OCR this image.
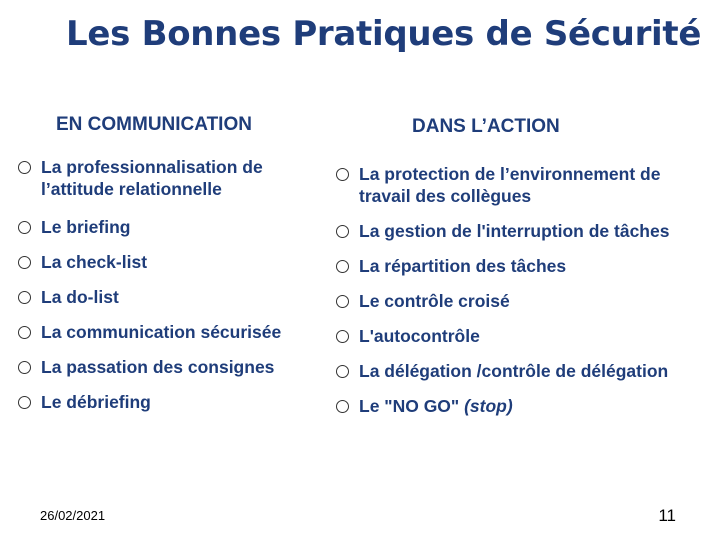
Les Bonnes Pratiques de Sécurité
EN COMMUNICATION	DANS L’ACTION
La professionnalisation de
l’attitude relationnelle
Le briefing
La check-list
La do-list
La communication sécurisée
La passation des consignes
Le débriefing
La protection de l’environnement de
travail des collègues
La gestion de l'interruption de tâches
La répartition des tâches
Le contrôle croisé
L'autocontrôle
La délégation /contrôle de délégation
Le "NO GO" (stop)
26/02/2021	11
